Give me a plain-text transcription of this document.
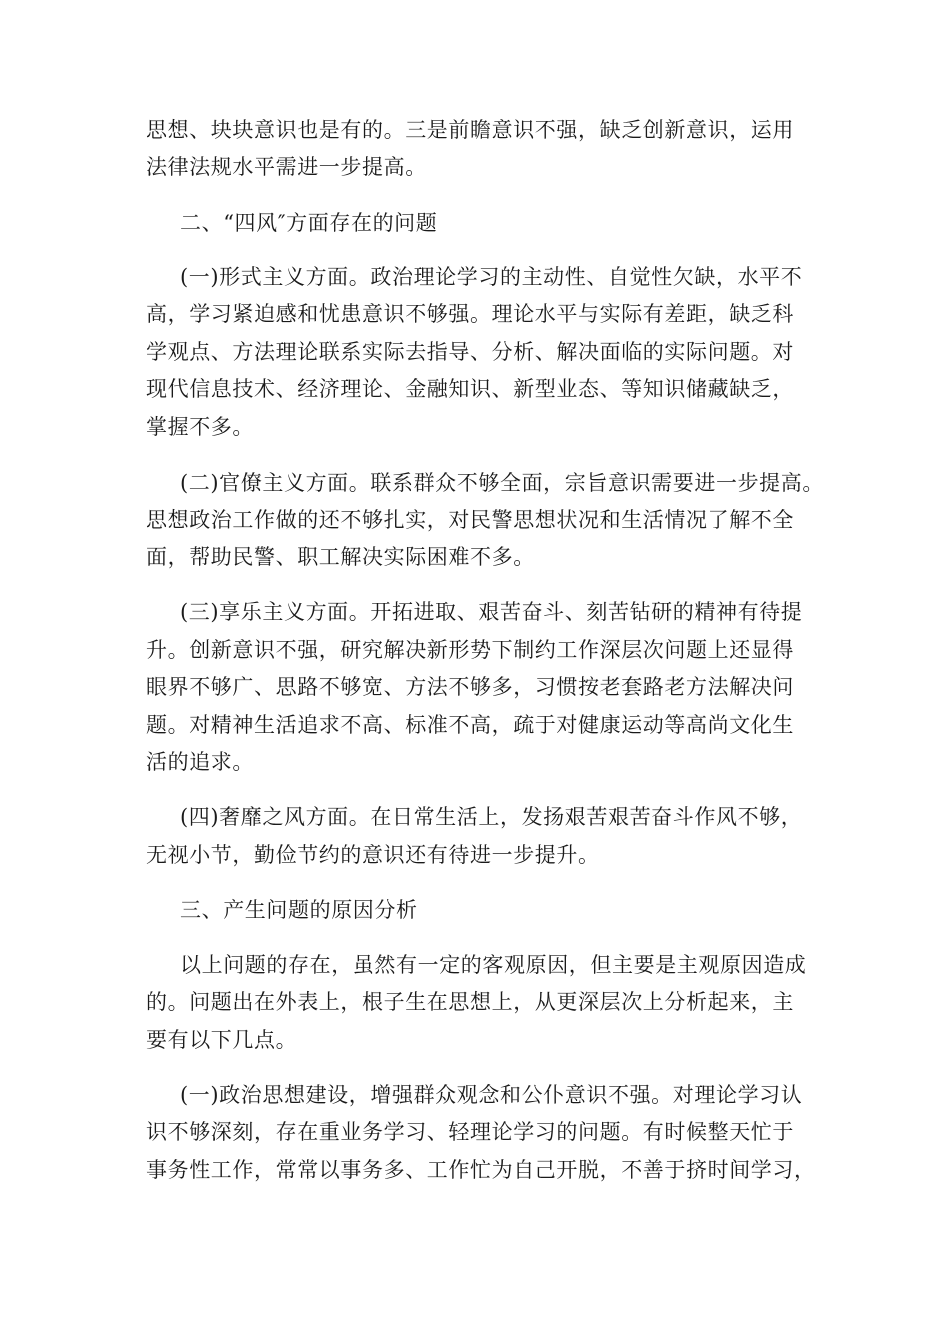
思想、块块意识也是有的。三是前瞻意识不强，缺乏创新意识，运用
法律法规水平需进一步提高。
二、“四风″方面存在的问题
(一)形式主义方面。政治理论学习的主动性、自觉性欠缺，水平不
高，学习紧迫感和忧患意识不够强。理论水平与实际有差距，缺乏科
学观点、方法理论联系实际去指导、分析、解决面临的实际问题。对
现代信息技术、经济理论、金融知识、新型业态、等知识储藏缺乏，
掌握不多。
(二)官僚主义方面。联系群众不够全面，宗旨意识需要进一步提高。
思想政治工作做的还不够扎实，对民警思想状况和生活情况了解不全
面，帮助民警、职工解决实际困难不多。
(三)享乐主义方面。开拓进取、艰苦奋斗、刻苦钻研的精神有待提
升。创新意识不强，研究解决新形势下制约工作深层次问题上还显得
眼界不够广、思路不够宽、方法不够多，习惯按老套路老方法解决问
题。对精神生活追求不高、标准不高，疏于对健康运动等高尚文化生
活的追求。
(四)奢靡之风方面。在日常生活上，发扬艰苦艰苦奋斗作风不够，
无视小节，勤俭节约的意识还有待进一步提升。
三、产生问题的原因分析
以上问题的存在，虽然有一定的客观原因，但主要是主观原因造成
的。问题出在外表上，根子生在思想上，从更深层次上分析起来，主
要有以下几点。
(一)政治思想建设，增强群众观念和公仆意识不强。对理论学习认
识不够深刻，存在重业务学习、轻理论学习的问题。有时候整天忙于
事务性工作，常常以事务多、工作忙为自己开脱，不善于挤时间学习，
